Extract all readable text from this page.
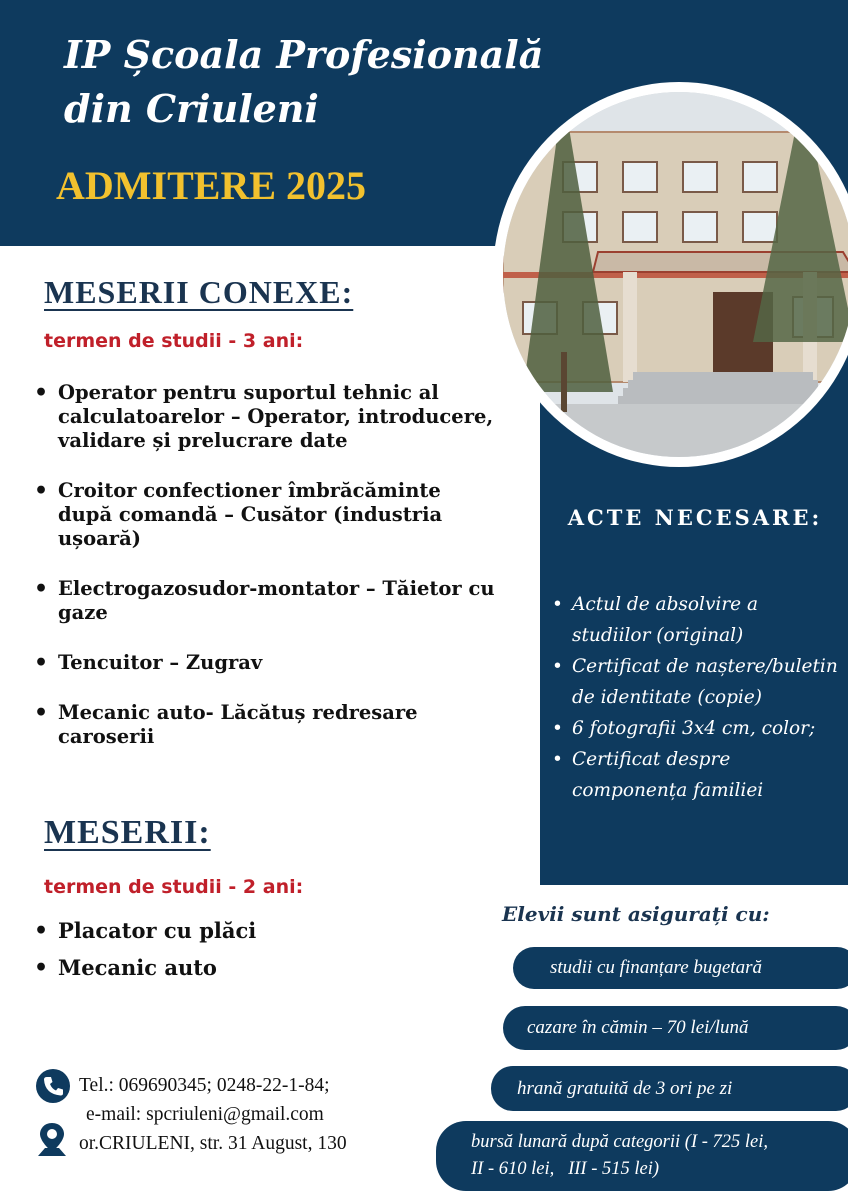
IP Școala Profesională
din Criuleni
ADMITERE 2025
MESERII CONEXE:
termen de studii - 3 ani:
• Operator pentru suportul tehnic al calculatoarelor – Operator, introducere, validare și prelucrare date
• Croitor confectioner îmbrăcăminte după comandă – Cusător (industria ușoară)
• Electrogazosudor-montator – Tăietor cu gaze
• Tencuitor – Zugrav
• Mecanic auto- Lăcătuș redresare caroserii
MESERII:
termen de studii - 2 ani:
• Placator cu plăci
• Mecanic auto
ACTE NECESARE:
• Actul de absolvire a studiilor (original)
• Certificat de naștere/buletin de identitate (copie)
• 6 fotografii 3x4 cm, color;
• Certificat despre componența familiei
Elevii sunt asigurați cu:
studii cu finanțare bugetară
cazare în cămin – 70 lei/lună
hrană gratuită de 3 ori pe zi
bursă lunară după categorii (I - 725 lei,
II - 610 lei,   III - 515 lei)
Tel.: 069690345; 0248-22-1-84;
e-mail: spcriuleni@gmail.com
or.CRIULENI, str. 31 August, 130
